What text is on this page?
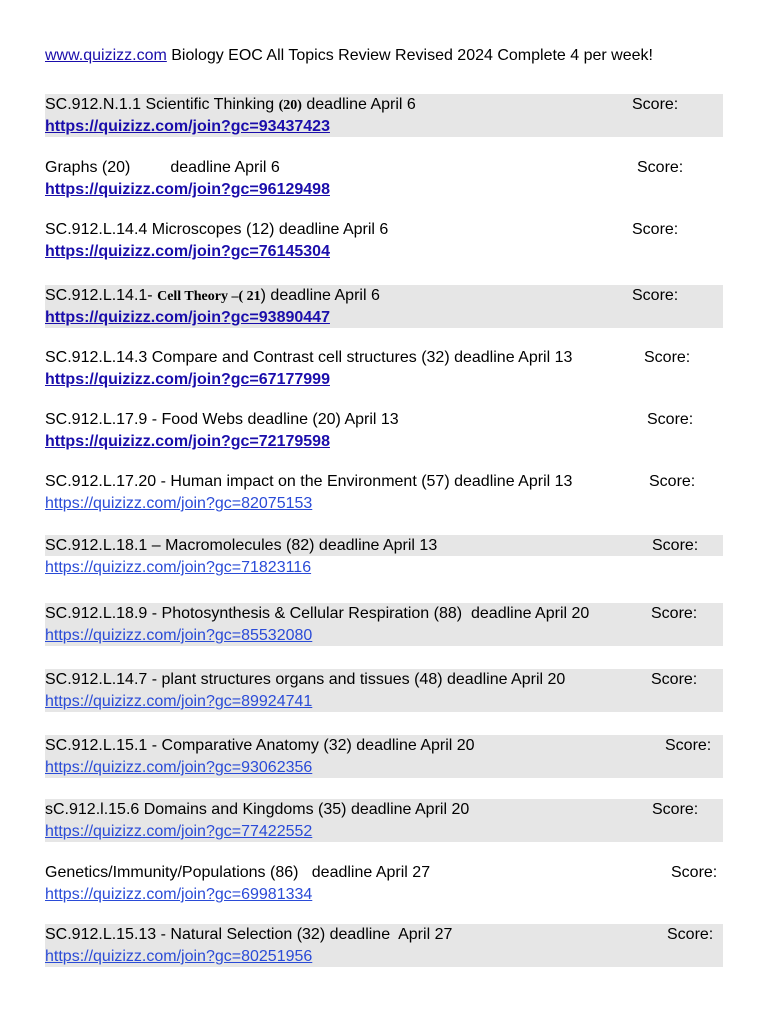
www.quizizz.com Biology EOC All Topics Review Revised 2024 Complete 4 per week!
SC.912.N.1.1 Scientific Thinking (20) deadline April 6	Score:
https://quizizz.com/join?gc=93437423
Graphs (20)         deadline April 6	Score:
https://quizizz.com/join?gc=96129498
SC.912.L.14.4 Microscopes (12) deadline April 6	Score:
https://quizizz.com/join?gc=76145304
SC.912.L.14.1- Cell Theory –( 21) deadline April 6	Score:
https://quizizz.com/join?gc=93890447
SC.912.L.14.3 Compare and Contrast cell structures (32) deadline April 13	Score:
https://quizizz.com/join?gc=67177999
SC.912.L.17.9 - Food Webs deadline (20) April 13	Score:
https://quizizz.com/join?gc=72179598
SC.912.L.17.20 - Human impact on the Environment (57) deadline April 13	Score:
https://quizizz.com/join?gc=82075153
SC.912.L.18.1 – Macromolecules (82) deadline April 13	Score:
https://quizizz.com/join?gc=71823116
SC.912.L.18.9 - Photosynthesis & Cellular Respiration (88)  deadline April 20	Score:
https://quizizz.com/join?gc=85532080
SC.912.L.14.7 - plant structures organs and tissues (48) deadline April 20	Score:
https://quizizz.com/join?gc=89924741
SC.912.L.15.1 - Comparative Anatomy (32) deadline April 20	Score:
https://quizizz.com/join?gc=93062356
sC.912.l.15.6 Domains and Kingdoms (35) deadline April 20	Score:
https://quizizz.com/join?gc=77422552
Genetics/Immunity/Populations (86)   deadline April 27	Score:
https://quizizz.com/join?gc=69981334
SC.912.L.15.13 - Natural Selection (32) deadline  April 27	Score:
https://quizizz.com/join?gc=80251956
